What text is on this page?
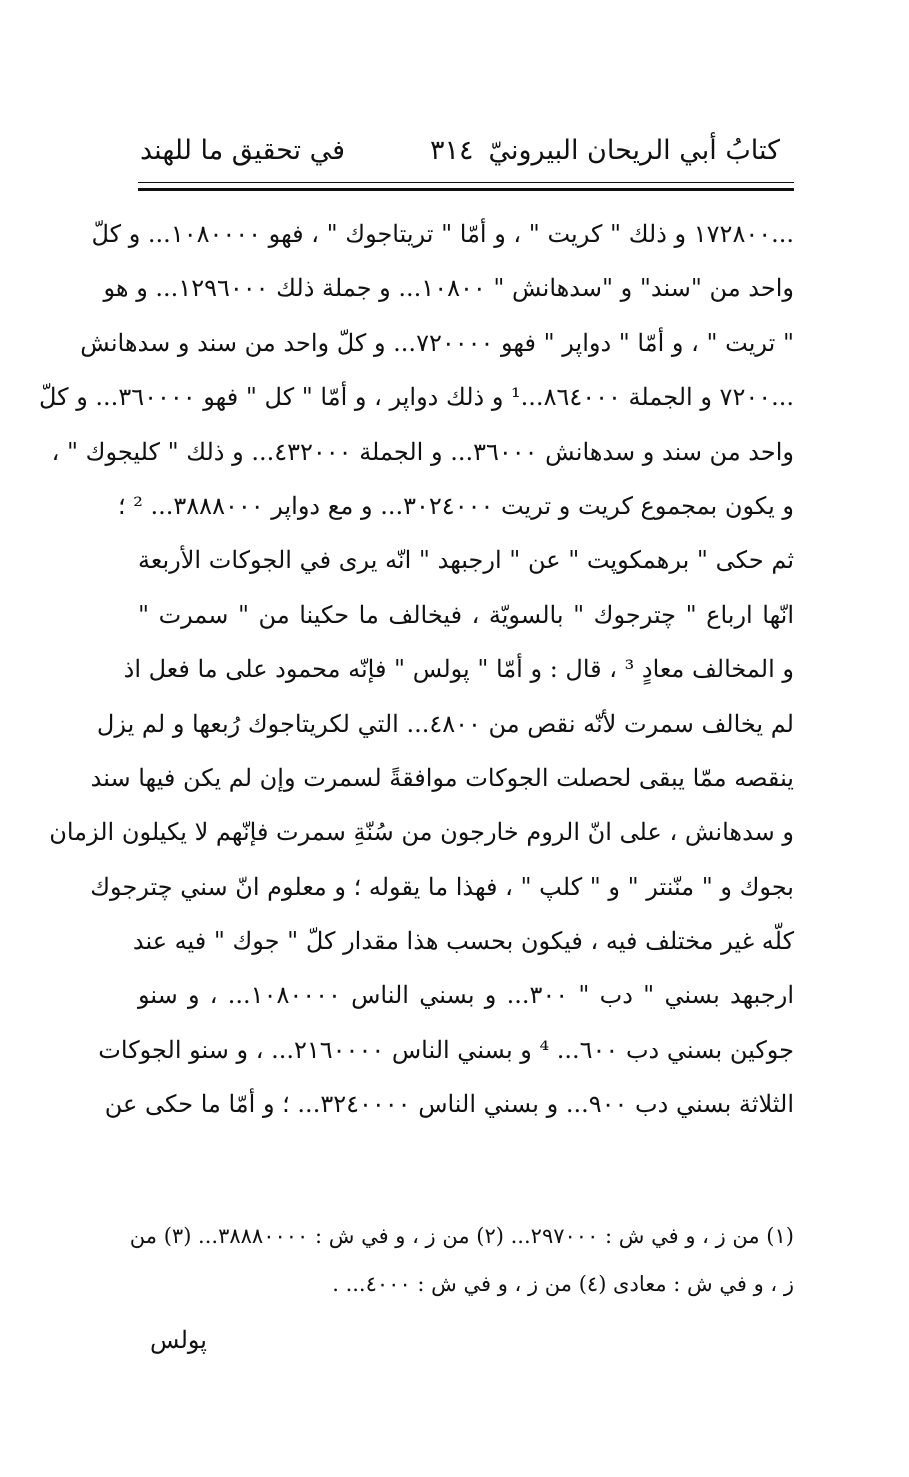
في تحقيق ما للهند	٣١٤ كتابُ أبي الريحان البيرونيّ
...١٧٢٨٠٠ و ذلك " كريت " ، و أمّا " تريتاجوك " ، فهو ١٠٨٠٠٠٠... و كلّ
واحد من "سند" و "سدهانش " ١٠٨٠٠... و جملة ذلك ١٢٩٦٠٠٠... و هو
" تريت " ، و أمّا " دواپر " فهو ٧٢٠٠٠٠... و كلّ واحد من سند و سدهانش
...٧٢٠٠ و الجملة ٨٦٤٠٠٠...¹ و ذلك دواپر ، و أمّا " كل " فهو ٣٦٠٠٠٠... و كلّ
واحد من سند و سدهانش ٣٦٠٠٠... و الجملة ٤٣٢٠٠٠... و ذلك " كليجوك " ،
و يكون بمجموع كريت و تريت ٣٠٢٤٠٠٠... و مع دواپر ٣٨٨٨٠٠٠... ² ؛
ثم حكى " برهمكوپت " عن " ارجبهد " انّه يرى في الجوكات الأربعة
انّها ارباع " چترجوك " بالسويّة ، فيخالف ما حكينا من " سمرت "
و المخالف معادٍ ³ ، قال : و أمّا " پولس " فإنّه محمود على ما فعل اذ
لم يخالف سمرت لأنّه نقص من ٤٨٠٠... التي لكريتاجوك رُبعها و لم يزل
ينقصه ممّا يبقى لحصلت الجوكات موافقةً لسمرت وإن لم يكن فيها سند
و سدهانش ، على انّ الروم خارجون من سُنّةِ سمرت فإنّهم لا يكيلون الزمان
بجوك و " منّنتر " و " كلپ " ، فهذا ما يقوله ؛ و معلوم انّ سني چترجوك
كلّه غير مختلف فيه ، فيكون بحسب هذا مقدار كلّ " جوك " فيه عند
ارجبهد بسني " دب " ٣٠٠... و بسني الناس ١٠٨٠٠٠٠... ، و سنو
جوكين بسني دب ٦٠٠... ⁴ و بسني الناس ٢١٦٠٠٠٠... ، و سنو الجوكات
الثلاثة بسني دب ٩٠٠... و بسني الناس ٣٢٤٠٠٠٠... ؛ و أمّا ما حكى عن
(١) من ز ، و في ش : ٢٩٧٠٠٠... (٢) من ز ، و في ش : ٣٨٨٨٠٠٠٠... (٣) من
ز ، و في ش : معادى (٤) من ز ، و في ش : ٤٠٠٠... .
پولس
